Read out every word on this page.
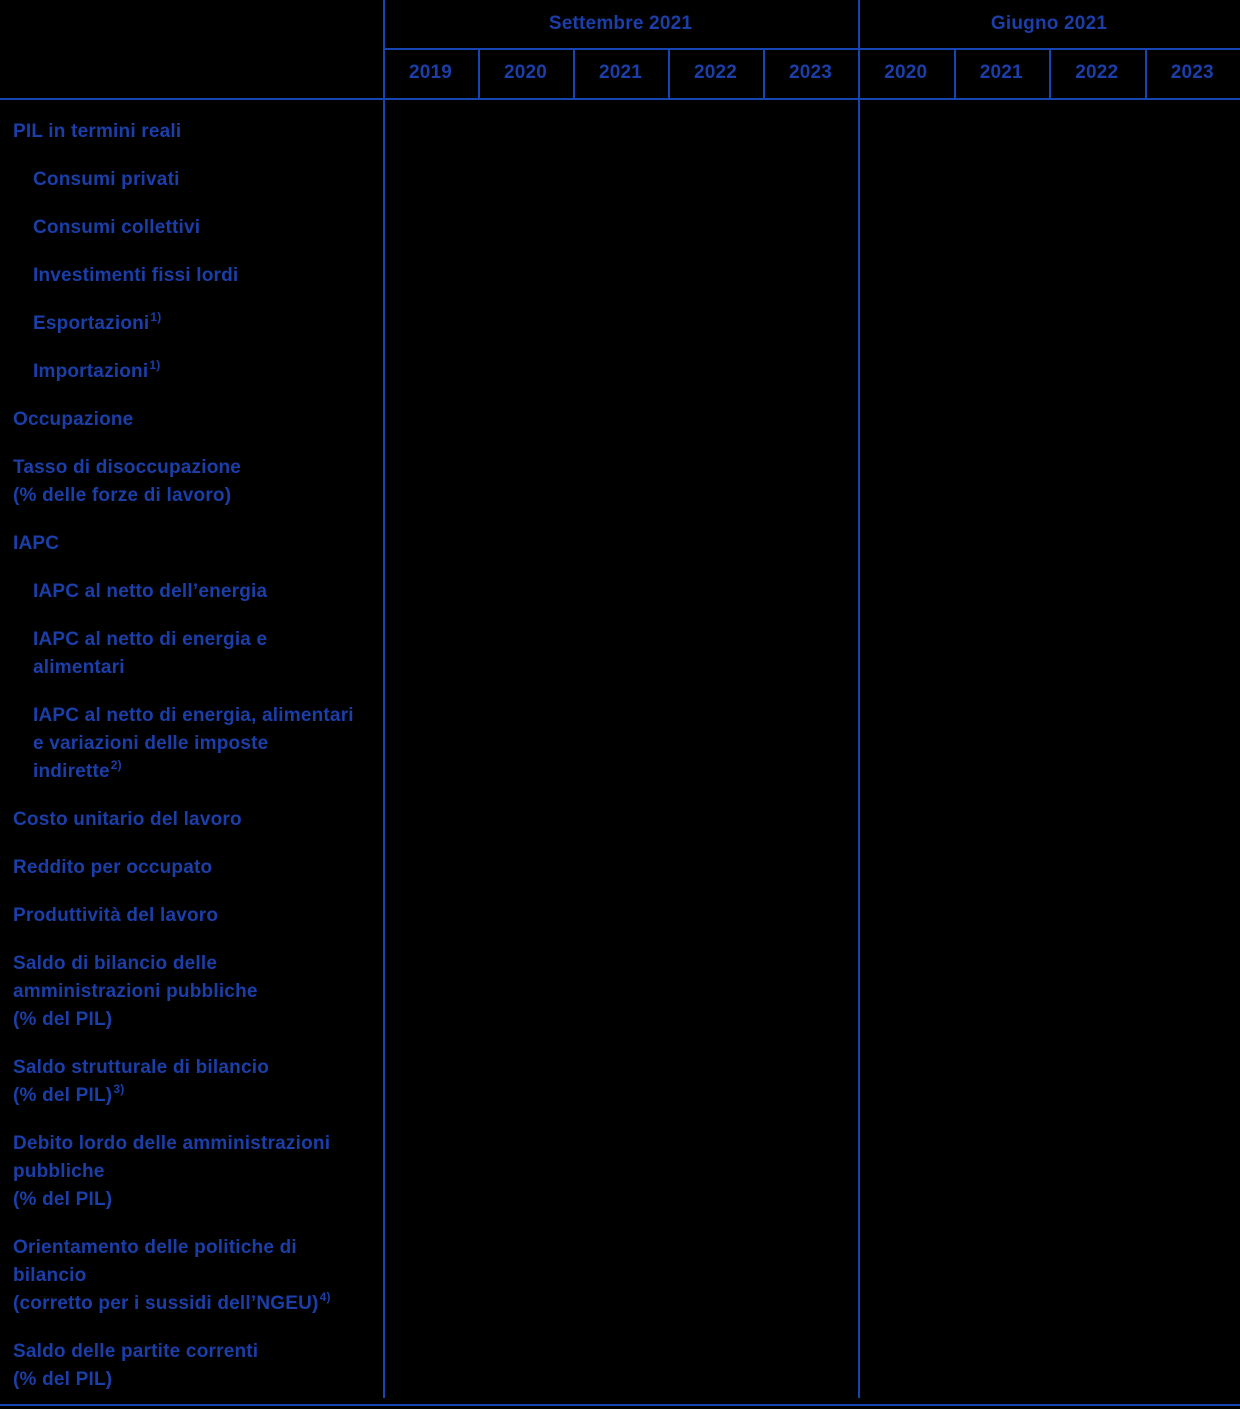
Settembre 2021	Giugno 2021
2019	2020	2021	2022	2023	2020	2021	2022	2023
PIL in termini reali
Consumi privati
Consumi collettivi
Investimenti fissi lordi
Esportazioni$^{1)}$
Importazioni$^{1)}$
Occupazione
Tasso di disoccupazione
(% delle forze di lavoro)
IAPC
IAPC al netto dell’energia
IAPC al netto di energia e
alimentari
IAPC al netto di energia, alimentari
e variazioni delle imposte
indirette$^{2)}$
Costo unitario del lavoro
Reddito per occupato
Produttività del lavoro
Saldo di bilancio delle
amministrazioni pubbliche
(% del PIL)
Saldo strutturale di bilancio
(% del PIL)$^{3)}$
Debito lordo delle amministrazioni
pubbliche
(% del PIL)
Orientamento delle politiche di
bilancio
(corretto per i sussidi dell’NGEU)$^{4)}$
Saldo delle partite correnti
(% del PIL)
